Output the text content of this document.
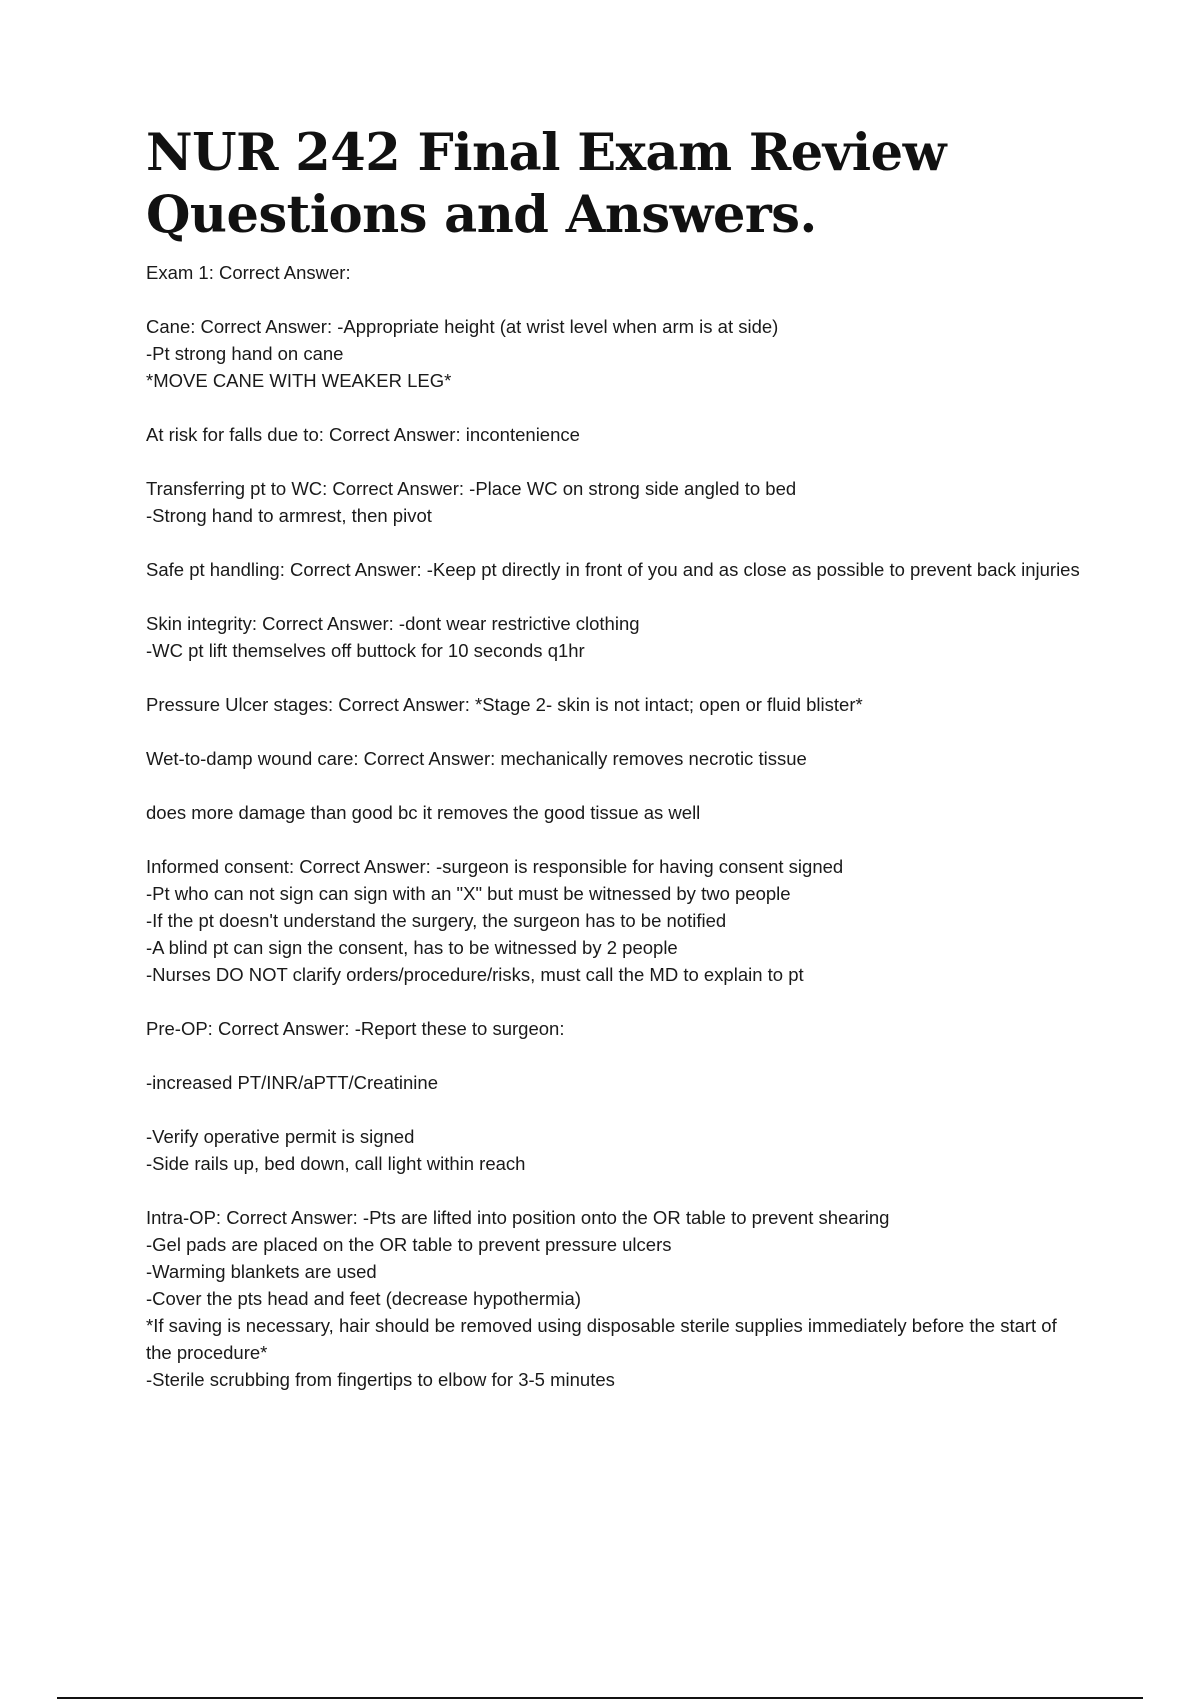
NUR 242 Final Exam Review Questions and Answers.
Exam 1: Correct Answer:
Cane: Correct Answer: -Appropriate height (at wrist level when arm is at side)
-Pt strong hand on cane
*MOVE CANE WITH WEAKER LEG*
At risk for falls due to: Correct Answer: incontenience
Transferring pt to WC: Correct Answer: -Place WC on strong side angled to bed
-Strong hand to armrest, then pivot
Safe pt handling: Correct Answer: -Keep pt directly in front of you and as close as possible to prevent back injuries
Skin integrity: Correct Answer: -dont wear restrictive clothing
-WC pt lift themselves off buttock for 10 seconds q1hr
Pressure Ulcer stages: Correct Answer: *Stage 2- skin is not intact; open or fluid blister*
Wet-to-damp wound care: Correct Answer: mechanically removes necrotic tissue
does more damage than good bc it removes the good tissue as well
Informed consent: Correct Answer: -surgeon is responsible for having consent signed
-Pt who can not sign can sign with an "X" but must be witnessed by two people
-If the pt doesn't understand the surgery, the surgeon has to be notified
-A blind pt can sign the consent, has to be witnessed by 2 people
-Nurses DO NOT clarify orders/procedure/risks, must call the MD to explain to pt
Pre-OP: Correct Answer: -Report these to surgeon:
-increased PT/INR/aPTT/Creatinine
-Verify operative permit is signed
-Side rails up, bed down, call light within reach
Intra-OP: Correct Answer: -Pts are lifted into position onto the OR table to prevent shearing
-Gel pads are placed on the OR table to prevent pressure ulcers
-Warming blankets are used
-Cover the pts head and feet (decrease hypothermia)
*If saving is necessary, hair should be removed using disposable sterile supplies immediately before the start of the procedure*
-Sterile scrubbing from fingertips to elbow for 3-5 minutes
